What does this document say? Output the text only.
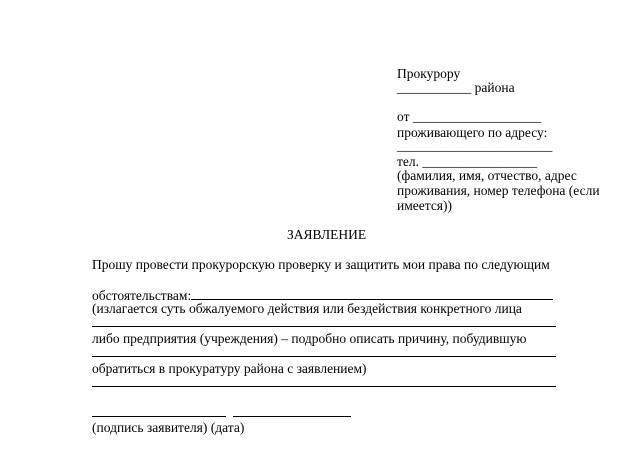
Прокурору
___________ района
от ___________________
проживающего по адресу:
_______________________
тел. _________________
(фамилия, имя, отчество, адрес
проживания, номер телефона (если
имеется))
ЗАЯВЛЕНИЕ
Прошу провести прокурорскую проверку и защитить мои права по следующим
обстоятельствам:
(излагается суть обжалуемого действия или бездействия конкретного лица
либо предприятия (учреждения) – подробно описать причину, побудившую
обратиться в прокуратуру района с заявлением)

(подпись заявителя) (дата)
